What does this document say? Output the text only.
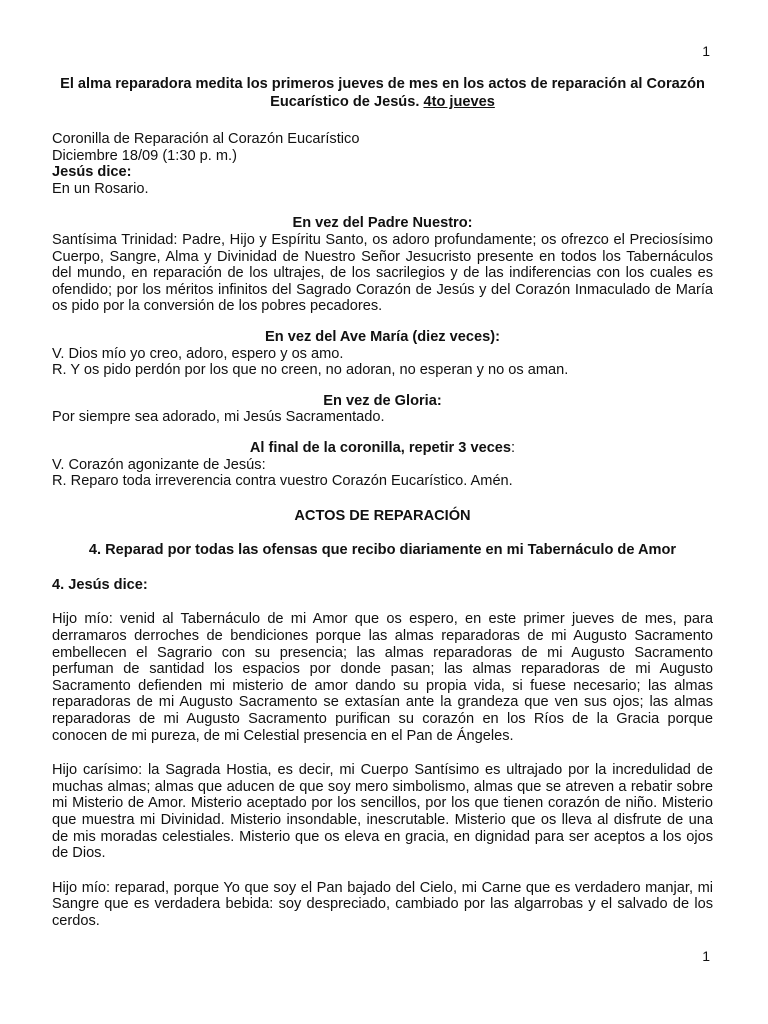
1

El alma reparadora medita los primeros jueves de mes en los actos de reparación al Corazón Eucarístico de Jesús. 4to jueves

Coronilla de Reparación al Corazón Eucarístico

Diciembre 18/09 (1:30 p. m.)

Jesús dice:

En un Rosario.

En vez del Padre Nuestro:

Santísima Trinidad: Padre, Hijo y Espíritu Santo, os adoro profundamente; os ofrezco el Preciosísimo Cuerpo, Sangre, Alma y Divinidad de Nuestro Señor Jesucristo presente en todos los Tabernáculos del mundo, en reparación de los ultrajes, de los sacrilegios y de las indiferencias con los cuales es ofendido; por los méritos infinitos del Sagrado Corazón de Jesús y del Corazón Inmaculado de María os pido por la conversión de los pobres pecadores.

En vez del Ave María (diez veces):

V. Dios mío yo creo, adoro, espero y os amo.

R. Y os pido perdón por los que no creen, no adoran, no esperan y no os aman.

En vez de Gloria:

Por siempre sea adorado, mi Jesús Sacramentado.

Al final de la coronilla, repetir 3 veces:

V. Corazón agonizante de Jesús:

R. Reparo toda irreverencia contra vuestro Corazón Eucarístico. Amén.

ACTOS DE REPARACIÓN

4. Reparad por todas las ofensas que recibo diariamente en mi Tabernáculo de Amor

4. Jesús dice:

Hijo mío: venid al Tabernáculo de mi Amor que os espero, en este primer jueves de mes, para derramaros derroches de bendiciones porque las almas reparadoras de mi Augusto Sacramento embellecen el Sagrario con su presencia; las almas reparadoras de mi Augusto Sacramento perfuman de santidad los espacios por donde pasan; las almas reparadoras de mi Augusto Sacramento defienden mi misterio de amor dando su propia vida, si fuese necesario; las almas reparadoras de mi Augusto Sacramento se extasían ante la grandeza que ven sus ojos; las almas reparadoras de mi Augusto Sacramento purifican su corazón en los Ríos de la Gracia porque conocen de mi pureza, de mi Celestial presencia en el Pan de Ángeles.

Hijo carísimo: la Sagrada Hostia, es decir, mi Cuerpo Santísimo es ultrajado por la incredulidad de muchas almas; almas que aducen de que soy mero simbolismo, almas que se atreven a rebatir sobre mi Misterio de Amor. Misterio aceptado por los sencillos, por los que tienen corazón de niño. Misterio que muestra mi Divinidad. Misterio insondable, inescrutable. Misterio que os lleva al disfrute de una de mis moradas celestiales. Misterio que os eleva en gracia, en dignidad para ser aceptos a los ojos de Dios.

Hijo mío: reparad, porque Yo que soy el Pan bajado del Cielo, mi Carne que es verdadero manjar, mi Sangre que es verdadera bebida: soy despreciado, cambiado por las algarrobas y el salvado de los cerdos.

1
